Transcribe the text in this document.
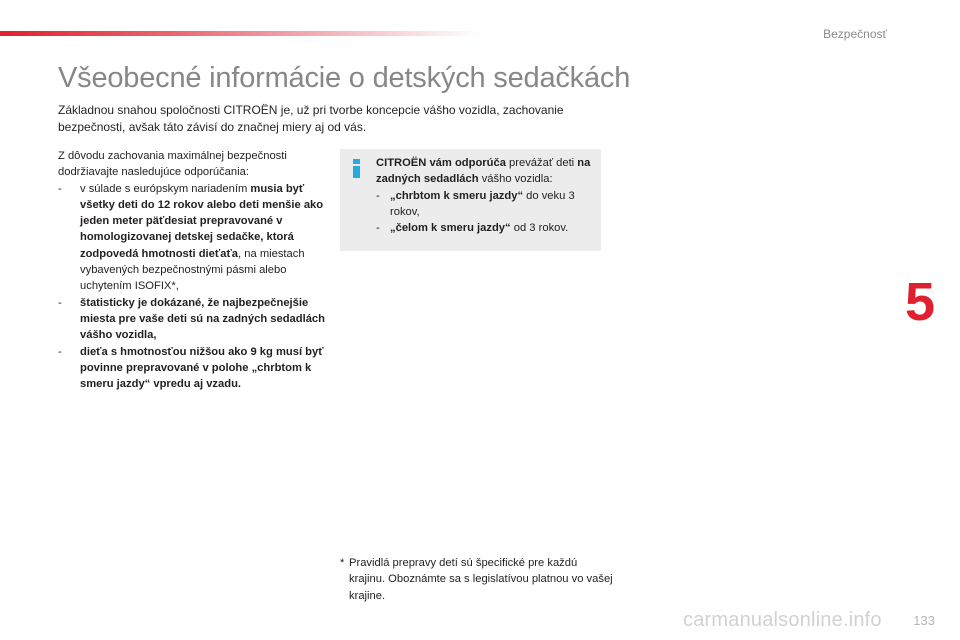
Bezpečnosť
Všeobecné informácie o detských sedačkách

Základnou snahou spoločnosti CITROËN je, už pri tvorbe koncepcie vášho vozidla, zachovanie bezpečnosti, avšak táto závisí do značnej miery aj od vás.

Z dôvodu zachovania maximálnej bezpečnosti dodržiavajte nasledujúce odporúčania:

-	v súlade s európskym nariadením musia byť všetky deti do 12 rokov alebo deti menšie ako jeden meter päťdesiat prepravované v homologizovanej detskej sedačke, ktorá zodpovedá hmotnosti dieťaťa, na miestach vybavených bezpečnostnými pásmi alebo uchytením ISOFIX*,
-	štatisticky je dokázané, že najbezpečnejšie miesta pre vaše deti sú na zadných sedadlách vášho vozidla,
-	dieťa s hmotnosťou nižšou ako 9 kg musí byť povinne prepravované v polohe „chrbtom k smeru jazdy“ vpredu aj vzadu.

CITROËN vám odporúča prevážať deti na zadných sedadlách vášho vozidla:

- „chrbtom k smeru jazdy“ do veku 3 rokov,
- „čelom k smeru jazdy“ od 3 rokov.
* Pravidlá prepravy detí sú špecifické pre každú krajinu. Oboznámte sa s legislatívou platnou vo vašej krajine.
5
carmanualsonline.info 133
